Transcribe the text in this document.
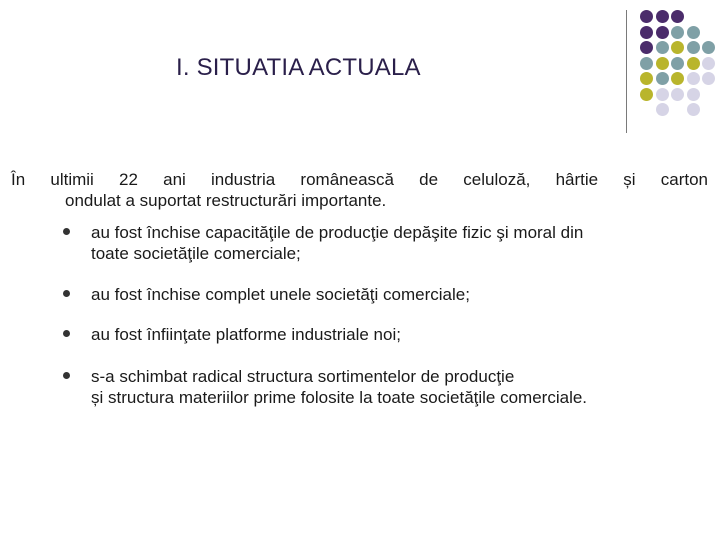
I. SITUATIA ACTUALA
În ultimii 22 ani industria românească de celuloză, hârtie și carton
ondulat a suportat restructurări importante.
au fost închise capacităţile de producţie depăşite fizic şi moral din
toate societăţile comerciale;
au fost închise complet unele societăţi comerciale;
au fost înfiinţate platforme industriale noi;
s-a schimbat radical structura sortimentelor de producţie
și structura materiilor prime folosite la toate societăţile comerciale.
